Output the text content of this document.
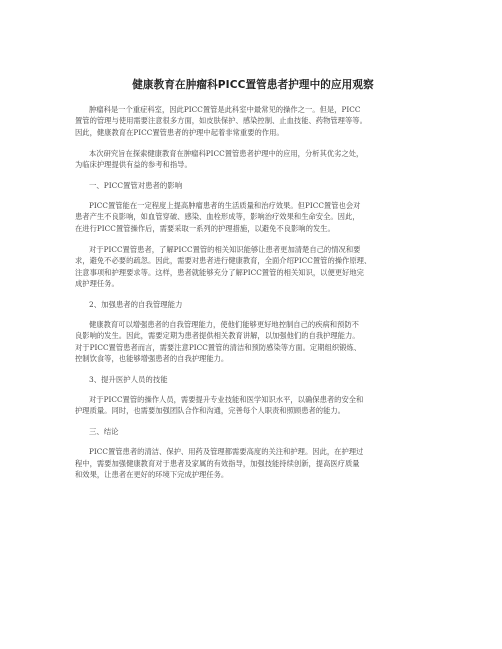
健康教育在肿瘤科PICC置管患者护理中的应用观察
肿瘤科是一个重症科室，因此PICC置管是此科室中最常见的操作之一。但是，PICC
置管的管理与使用需要注意很多方面，如皮肤保护、感染控制、止血技能、药物管理等等。
因此，健康教育在PICC置管患者的护理中起着非常重要的作用。
本次研究旨在探索健康教育在肿瘤科PICC置管患者护理中的应用，分析其优劣之处，
为临床护理提供有益的参考和指导。
一、PICC置管对患者的影响
PICC置管能在一定程度上提高肿瘤患者的生活质量和治疗效果。但PICC置管也会对
患者产生不良影响，如血管穿破、感染、血栓形成等，影响治疗效果和生命安全。因此，
在进行PICC置管操作后，需要采取一系列的护理措施，以避免不良影响的发生。
对于PICC置管患者，了解PICC置管的相关知识能够让患者更加清楚自己的情况和要
求，避免不必要的疏忽。因此，需要对患者进行健康教育，全面介绍PICC置管的操作原理、
注意事项和护理要求等。这样，患者就能够充分了解PICC置管的相关知识，以便更好地完
成护理任务。
2、加强患者的自我管理能力
健康教育可以增强患者的自我管理能力，使他们能够更好地控制自己的疾病和预防不
良影响的发生。因此，需要定期为患者提供相关教育讲解，以加强他们的自我护理能力。
对于PICC置管患者而言，需要注意PICC置管的清洁和预防感染等方面。定期组织锻炼、
控制饮食等，也能够增强患者的自我护理能力。
3、提升医护人员的技能
对于PICC置管的操作人员，需要提升专业技能和医学知识水平，以确保患者的安全和
护理质量。同时，也需要加强团队合作和沟通，完善每个人职责和照顾患者的能力。
三、结论
PICC置管患者的清洁、保护、用药及管理都需要高度的关注和护理。因此，在护理过
程中，需要加强健康教育对于患者及家属的有效指导，加强技能持续创新，提高医疗质量
和效果，让患者在更好的环境下完成护理任务。
